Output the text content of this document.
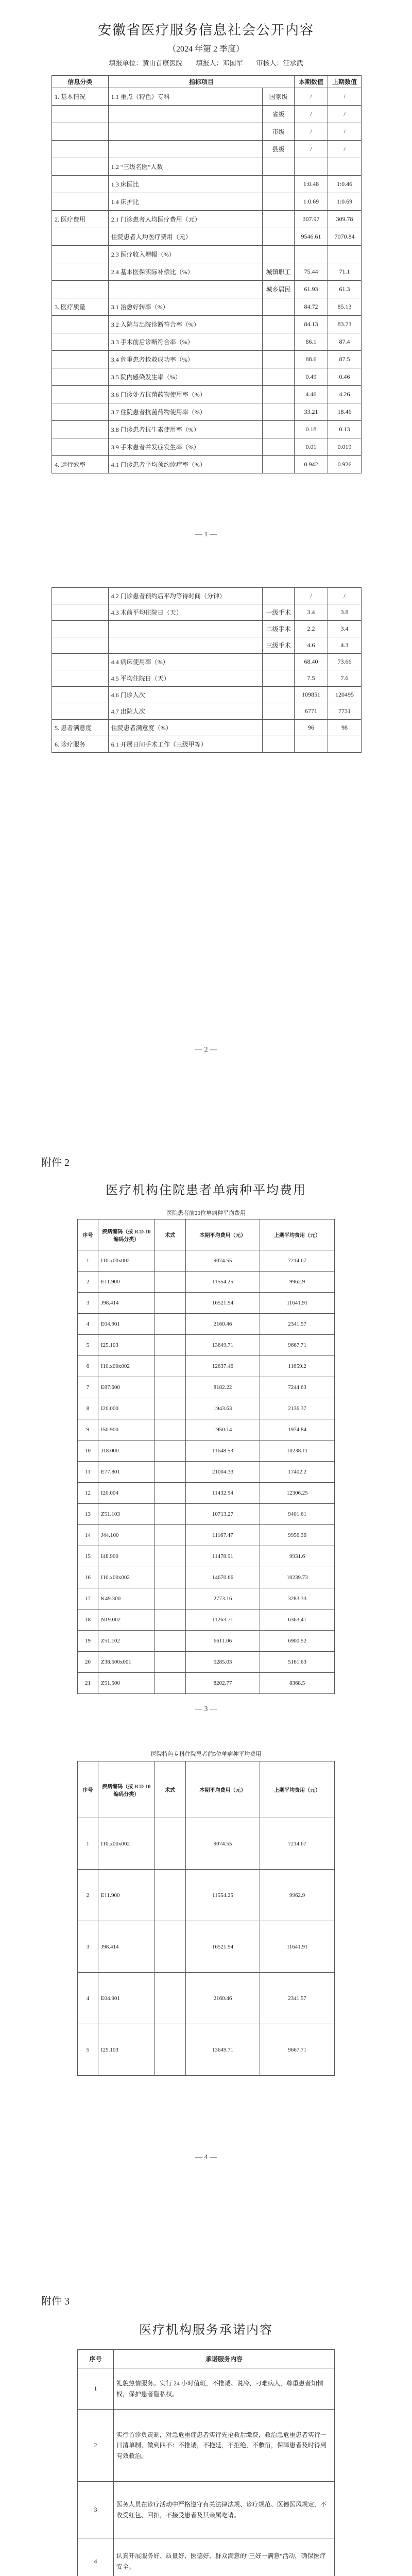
安徽省医疗服务信息社会公开内容
（2024 年第 2 季度）
填报单位：黄山首康医院　　填报人：邓国军　　审核人：汪承武
信息分类	指标项目		本期数值	上期数值
1. 基本情况	1.1 重点（特色）专科	国家级	/	/
		省级	/	/
		市级	/	/
		县级	/	/
	1.2 “三级名医”人数			
	1.3 床医比		1:0.48	1:0.46
	1.4 床护比		1:0.69	1:0.69
2. 医疗费用	2.1 门诊患者人均医疗费用（元）		307.97	309.78
	住院患者人均医疗费用（元）		9546.61	7070.84
	2.3 医疗收入增幅（%）			
	2.4 基本医保实际补偿比（%）	城镇职工	75.44	71.1
		城乡居民	61.93	61.3
3. 医疗质量	3.1 治愈好转率（%）		84.72	85.13
	3.2 入院与出院诊断符合率（%）		84.13	83.73
	3.3 手术前后诊断符合率（%）		86.1	87.4
	3.4 危重患者抢救成功率（%）		88.6	87.5
	3.5 院内感染发生率（%）		0.49	0.46
	3.6 门诊处方抗菌药物使用率（%）		4.46	4.26
	3.7 住院患者抗菌药物使用率（%）		33.21	18.46
	3.8 门诊患者抗生素使用率（%）		0.18	0.13
	3.9 手术患者并发症发生率（%）		0.01	0.019
4. 运行效率	4.1 门诊患者平均预约诊疗率（%）		0.942	0.926
— 1 —
	4.2 门诊患者预约后平均等待时间（分钟）		/	/
	4.3 术前平均住院日（天）	一级手术	3.4	3.8
		二级手术	2.2	3.4
		三级手术	4.6	4.3
	4.4 病床使用率（%）		68.40	73.66
	4.5 平均住院日（天）		7.5	7.6
	4.6 门诊人次		109851	120495
	4.7 出院人次		6771	7731
5. 患者满意度	住院患者满意度（%）		96	98
6. 诊疗服务	6.1 开展日间手术工作（三级甲等）			
— 2 —
附件 2
医疗机构住院患者单病种平均费用
医院患者前20位单病种平均费用
序号	疾病编码（按 ICD-10 编码分类）	术式	本期平均费用（元）	上期平均费用（元）
1	I10.x00x002		9074.55	7214.67
2	E11.900		11554.25	9962.9
3	J98.414		16521.94	11641.91
4	E04.901		2160.46	2341.57
5	I25.103		13649.71	9667.71
6	I10.x00x002		12637.46	11659.2
7	E87.600		8182.22	7244.63
8	I20.000		1943.63	2136.37
9	I50.900		1950.14	1974.84
10	J18.000		11648.53	10238.11
11	E77.801		21004.33	17402.2
12	I20.004		11432.94	12306.25
13	Z51.103		10713.27	9401.61
14	J44.100		11167.47	9956.36
15	I48.900		11478.91	9931.6
16	I10.x00x002		14670.66	10239.73
17	K49.300		2773.16	3283.33
18	N19.002		11263.71	6363.41
19	Z51.102		6611.06	6900.52
20	Z38.500x001		5285.03	5161.63
21	Z51.500		8202.77	8368.5
— 3 —
医院特色专科住院患者前5位单病种平均费用
序号	疾病编码（按 ICD-10 编码分类）	术式	本期平均费用（元）	上期平均费用（元）
1	I10.x00x002		9074.55	7214.67
2	E11.900		11554.25	9962.9
3	J98.414		16521.94	11641.91
4	E04.901		2160.46	2341.57
5	I25.103		13649.71	9667.71
— 4 —
附件 3
医疗机构服务承诺内容
序号	承诺服务内容
1	礼貌热情服务。实行 24 小时值班，不推诿、说冷、刁难病人，尊重患者知情权，保护患者隐私权。
2	实行首诊负责制，对急危重症患者实行先抢救后缴费，救治急危重患者实行一日清单制，做到四不：不推诿，不拖延，不拒绝，不敷衍，保障患者及时得到有效救治。
3	医务人员在诊疗活动中严格遵守有关法律法规、诊疗规范、医德医风规定，不收受红包、回扣，不接受患者及其亲属吃请。
4	认真开展服务好、质量好、医德好、群众满意的“三好一满意”活动，确保医疗安全。
